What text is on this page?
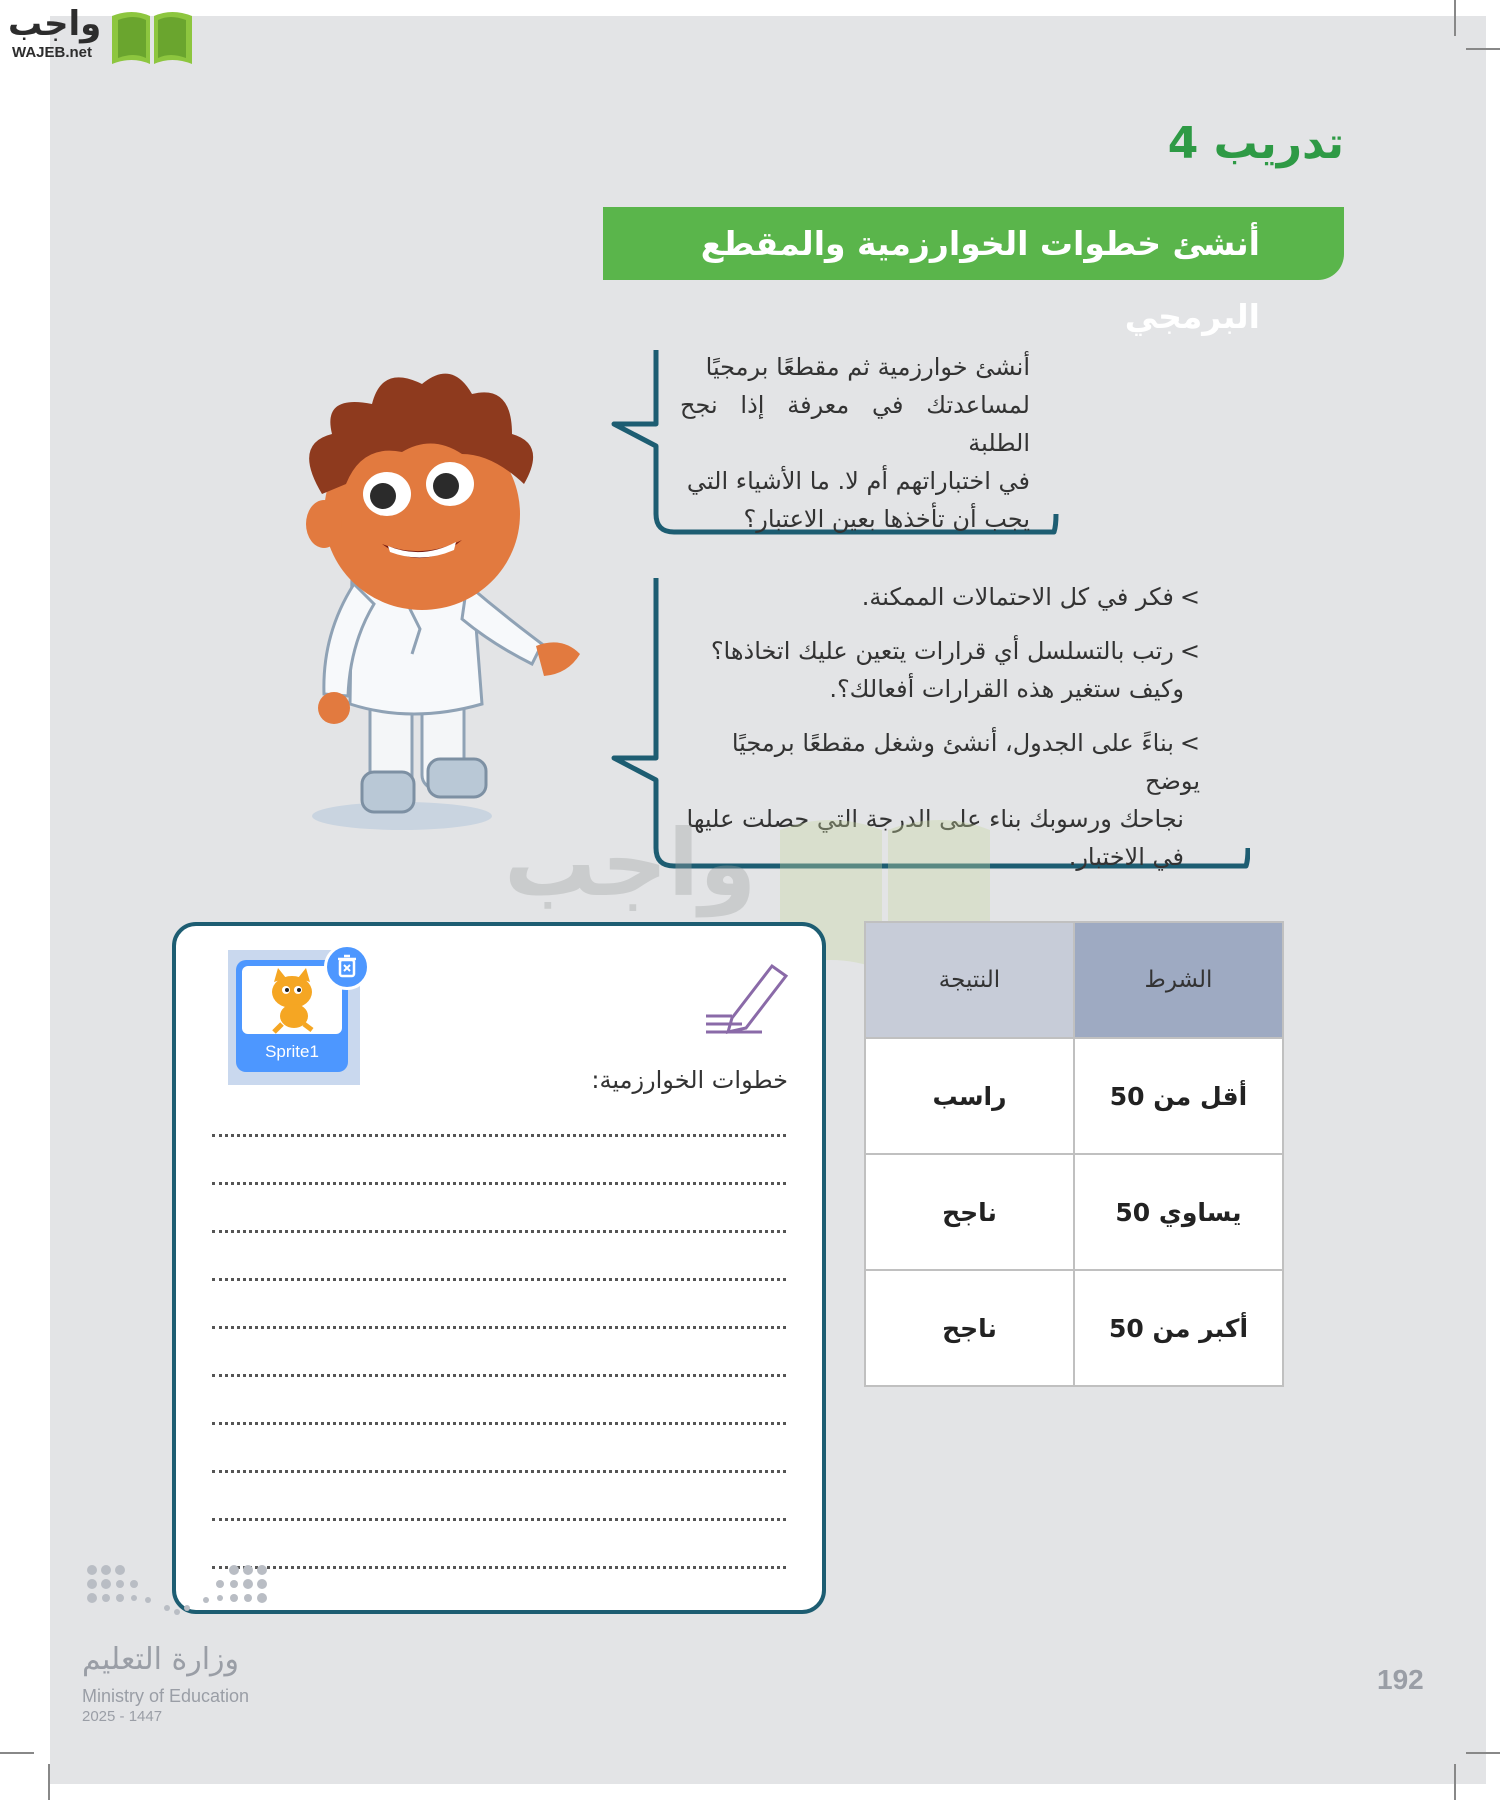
واجب
WAJEB.net
تدريب 4
أنشئ خطوات الخوارزمية والمقطع البرمجي
أنشئ خوارزمية ثم مقطعًا برمجيًا
لمساعدتك في معرفة إذا نجح الطلبة
في اختباراتهم أم لا. ما الأشياء التي
يجب أن تأخذها بعين الاعتبار؟
>فكر في كل الاحتمالات الممكنة.
>رتب بالتسلسل أي قرارات يتعين عليك اتخاذها؟
وكيف ستغير هذه القرارات أفعالك؟.
>بناءً على الجدول، أنشئ وشغل مقطعًا برمجيًا يوضح
نجاحك ورسوبك بناء على الدرجة التي حصلت عليها
في الاختبار.
واجب
خطوات الخوارزمية:
Sprite1
الشرط	النتيجة
أقل من 50	راسب
يساوي 50	ناجح
أكبر من 50	ناجح
وزارة التعليم
Ministry of Education
2025 - 1447
192
